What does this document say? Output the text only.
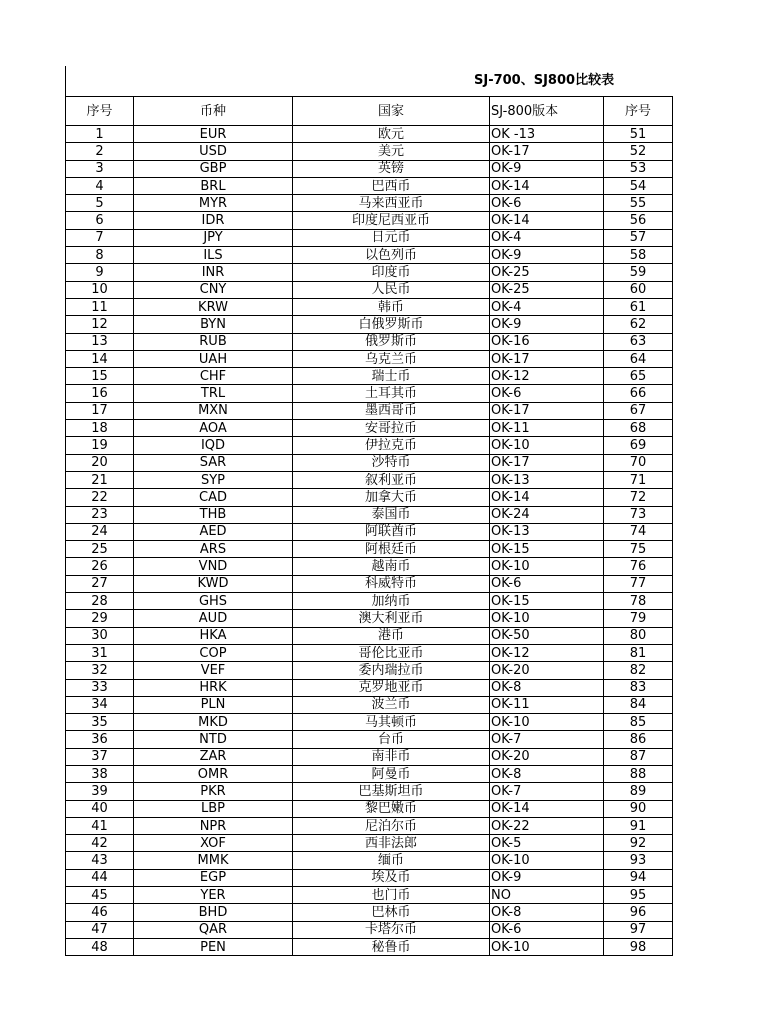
SJ-700、SJ800比较表
序号	币种	国家	SJ-800版本	序号
1	EUR	欧元	OK -13	51
2	USD	美元	OK-17	52
3	GBP	英镑	OK-9	53
4	BRL	巴西币	OK-14	54
5	MYR	马来西亚币	OK-6	55
6	IDR	印度尼西亚币	OK-14	56
7	JPY	日元币	OK-4	57
8	ILS	以色列币	OK-9	58
9	INR	印度币	OK-25	59
10	CNY	人民币	OK-25	60
11	KRW	韩币	OK-4	61
12	BYN	白俄罗斯币	OK-9	62
13	RUB	俄罗斯币	OK-16	63
14	UAH	乌克兰币	OK-17	64
15	CHF	瑞士币	OK-12	65
16	TRL	土耳其币	OK-6	66
17	MXN	墨西哥币	OK-17	67
18	AOA	安哥拉币	OK-11	68
19	IQD	伊拉克币	OK-10	69
20	SAR	沙特币	OK-17	70
21	SYP	叙利亚币	OK-13	71
22	CAD	加拿大币	OK-14	72
23	THB	泰国币	OK-24	73
24	AED	阿联酋币	OK-13	74
25	ARS	阿根廷币	OK-15	75
26	VND	越南币	OK-10	76
27	KWD	科威特币	OK-6	77
28	GHS	加纳币	OK-15	78
29	AUD	澳大利亚币	OK-10	79
30	HKA	港币	OK-50	80
31	COP	哥伦比亚币	OK-12	81
32	VEF	委内瑞拉币	OK-20	82
33	HRK	克罗地亚币	OK-8	83
34	PLN	波兰币	OK-11	84
35	MKD	马其顿币	OK-10	85
36	NTD	台币	OK-7	86
37	ZAR	南非币	OK-20	87
38	OMR	阿曼币	OK-8	88
39	PKR	巴基斯坦币	OK-7	89
40	LBP	黎巴嫩币	OK-14	90
41	NPR	尼泊尔币	OK-22	91
42	XOF	西非法郎	OK-5	92
43	MMK	缅币	OK-10	93
44	EGP	埃及币	OK-9	94
45	YER	也门币	NO	95
46	BHD	巴林币	OK-8	96
47	QAR	卡塔尔币	OK-6	97
48	PEN	秘鲁币	OK-10	98
